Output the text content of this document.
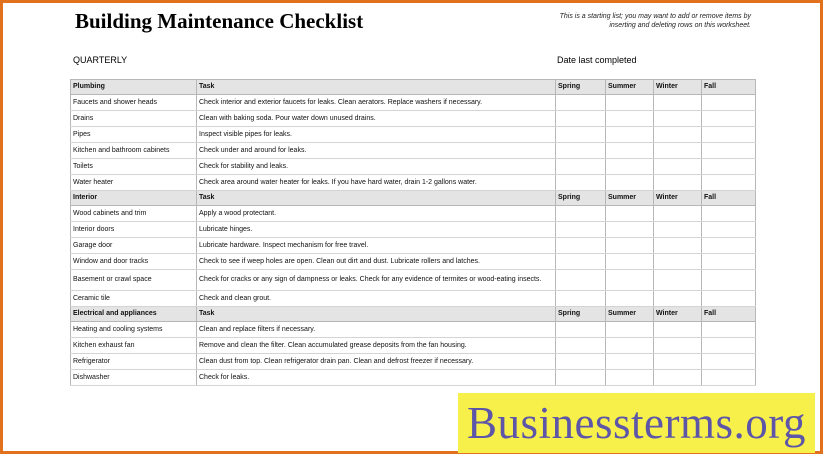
Building Maintenance Checklist	This is a starting list; you may want to add or remove items by inserting and deleting rows on this worksheet.
QUARTERLY	Date last completed
Plumbing	Task	Spring	Summer	Winter	Fall
Faucets and shower heads	Check interior and exterior faucets for leaks. Clean aerators. Replace washers if necessary.				
Drains	Clean with baking soda. Pour water down unused drains.				
Pipes	Inspect visible pipes for leaks.				
Kitchen and bathroom cabinets	Check under and around for leaks.				
Toilets	Check for stability and leaks.				
Water heater	Check area around water heater for leaks. If you have hard water, drain 1-2 gallons water.				
Interior	Task	Spring	Summer	Winter	Fall
Wood cabinets and trim	Apply a wood protectant.				
Interior doors	Lubricate hinges.				
Garage door	Lubricate hardware. Inspect mechanism for free travel.				
Window and door tracks	Check to see if weep holes are open. Clean out dirt and dust. Lubricate rollers and latches.				
Basement or crawl space	Check for cracks or any sign of dampness or leaks. Check for any evidence of termites or wood-eating insects.				
Ceramic tile	Check and clean grout.				
Electrical and appliances	Task	Spring	Summer	Winter	Fall
Heating and cooling systems	Clean and replace filters if necessary.				
Kitchen exhaust fan	Remove and clean the filter. Clean accumulated grease deposits from the fan housing.				
Refrigerator	Clean dust from top. Clean refrigerator drain pan. Clean and defrost freezer if necessary.				
Dishwasher	Check for leaks.				
Businessterms.org
